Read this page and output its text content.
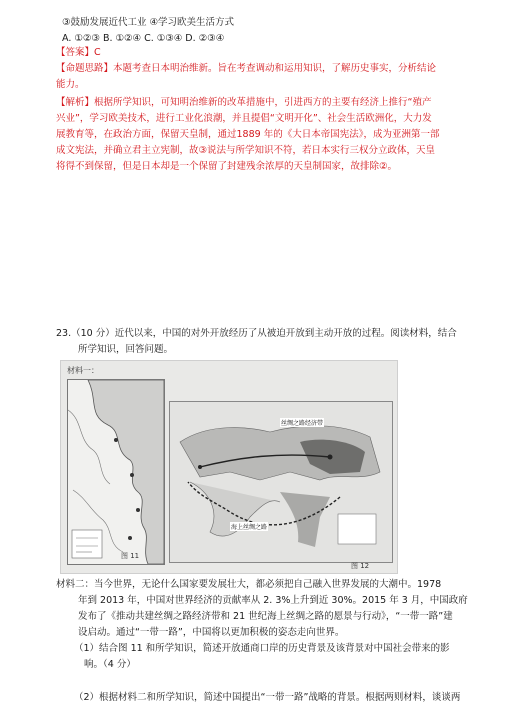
③鼓励发展近代工业 ④学习欧美生活方式
A. ①②③ B. ①②④ C. ①③④ D. ②③④
【答案】C
【命题思路】本题考查日本明治维新。旨在考查调动和运用知识，了解历史事实，分析结论
能力。
【解析】根据所学知识，可知明治维新的改革措施中，引进西方的主要有经济上推行“殖产
兴业”，学习欧美技术，进行工业化浪潮，并且提倡“文明开化”、社会生活欧洲化，大力发
展教育等，在政治方面，保留天皇制，通过1889 年的《大日本帝国宪法》，成为亚洲第一部
成文宪法，并确立君主立宪制，故③说法与所学知识不符，若日本实行三权分立政体，天皇
将得不到保留，但是日本却是一个保留了封建残余浓厚的天皇制国家，故排除②。
23.（10 分）近代以来，中国的对外开放经历了从被迫开放到主动开放的过程。阅读材料，结合
所学知识，回答问题。
材料一：
图 11
丝绸之路经济带
海上丝绸之路
图 12
材料二：当今世界，无论什么国家要发展壮大，都必须把自己融入世界发展的大潮中。1978
年到 2013 年，中国对世界经济的贡献率从 2. 3%上升到近 30%。2015 年 3 月，中国政府
发布了《推动共建丝绸之路经济带和 21 世纪海上丝绸之路的愿景与行动》，“一带一路”建
设启动。通过“一带一路”，中国将以更加积极的姿态走向世界。
（1）结合图 11 和所学知识，简述开放通商口岸的历史背景及该背景对中国社会带来的影
响。（4 分）
（2）根据材料二和所学知识，简述中国提出“一带一路”战略的背景。根据两则材料，谈谈两
